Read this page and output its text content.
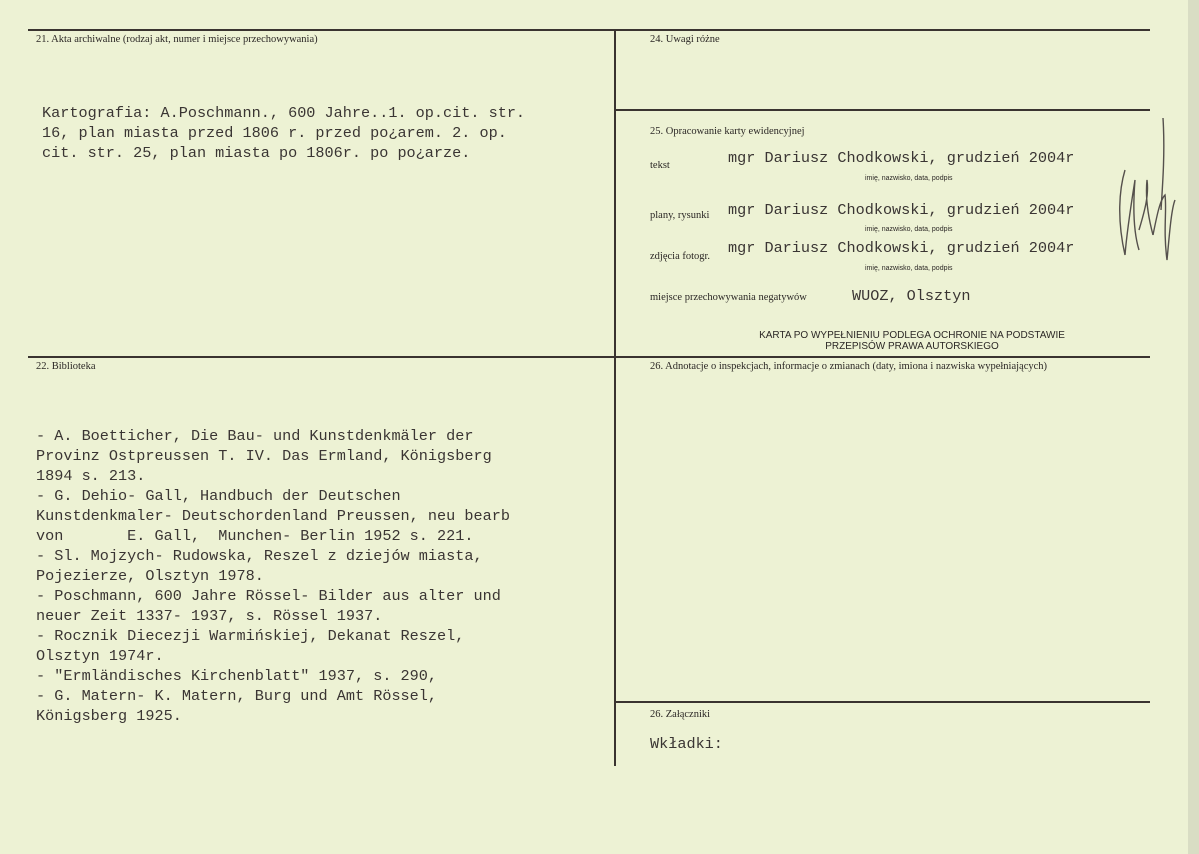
21. Akta archiwalne (rodzaj akt, numer i miejsce przechowywania)

Kartografia: A.Poschmann., 600 Jahre..1. op.cit. str.
16, plan miasta przed 1806 r. przed po¿arem. 2. op.
cit. str. 25, plan miasta po 1806r. po po¿arze.

24. Uwagi różne
25. Opracowanie karty ewidencyjnej
tekst	mgr Dariusz Chodkowski, grudzień 2004r
imię, nazwisko, data, podpis
plany, rysunki mgr Dariusz Chodkowski, grudzień 2004r
imię, nazwisko, data, podpis
zdjęcia fotogr. mgr Dariusz Chodkowski, grudzień 2004r
imię, nazwisko, data, podpis
miejsce przechowywania negatywów	WUOZ, Olsztyn
KARTA PO WYPEŁNIENIU PODLEGA OCHRONIE NA PODSTAWIE
PRZEPISÓW PRAWA AUTORSKIEGO
22. Biblioteka

- A. Boetticher, Die Bau- und Kunstdenkmäler der
Provinz Ostpreussen T. IV. Das Ermland, Königsberg
1894 s. 213.
- G. Dehio- Gall, Handbuch der Deutschen
Kunstdenkmaler- Deutschordenland Preussen, neu bearb
von       E. Gall,  Munchen- Berlin 1952 s. 221.
- Sl. Mojzych- Rudowska, Reszel z dziejów miasta,
Pojezierze, Olsztyn 1978.
- Poschmann, 600 Jahre Rössel- Bilder aus alter und
neuer Zeit 1337- 1937, s. Rössel 1937.
- Rocznik Diecezji Warmińskiej, Dekanat Reszel,
Olsztyn 1974r.
- "Ermländisches Kirchenblatt" 1937, s. 290,
- G. Matern- K. Matern, Burg und Amt Rössel,
Königsberg 1925.

26. Adnotacje o inspekcjach, informacje o zmianach (daty, imiona i nazwiska wypełniających)
26. Załączniki
Wkładki:
